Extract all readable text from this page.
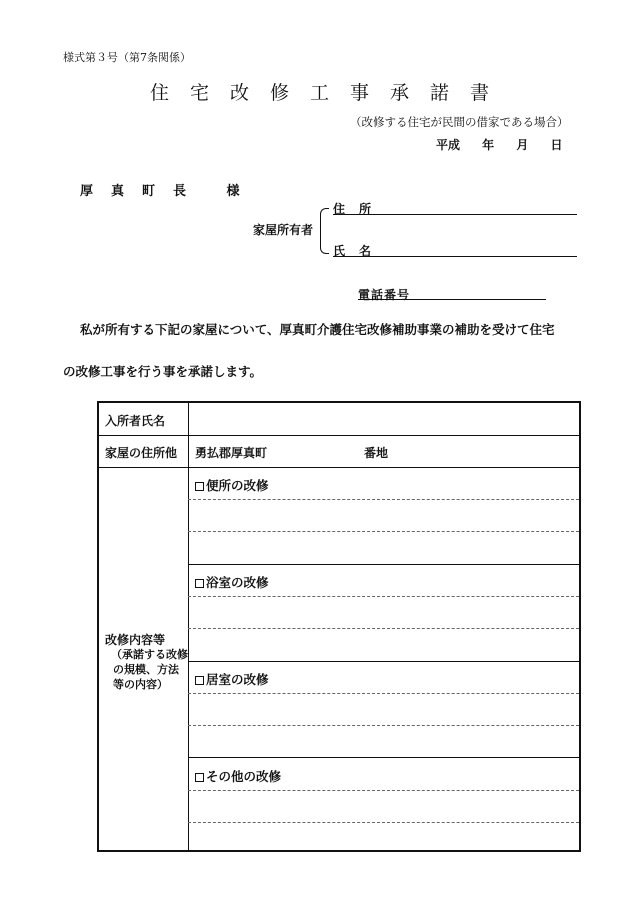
様式第３号（第7条関係）
住宅改修工事承諾書
（改修する住宅が民間の借家である場合）
平成 年 月 日
厚真町長 様
家屋所有者
住所
氏名
電話番号
私が所有する下記の家屋について、厚真町介護住宅改修補助事業の補助を受けて住宅
の改修工事を行う事を承諾します。
入所者氏名
家屋の住所他 勇払郡厚真町	番地
改修内容等
（承諾する改修
の規模、方法
等の内容）
便所の改修
浴室の改修
居室の改修
その他の改修
